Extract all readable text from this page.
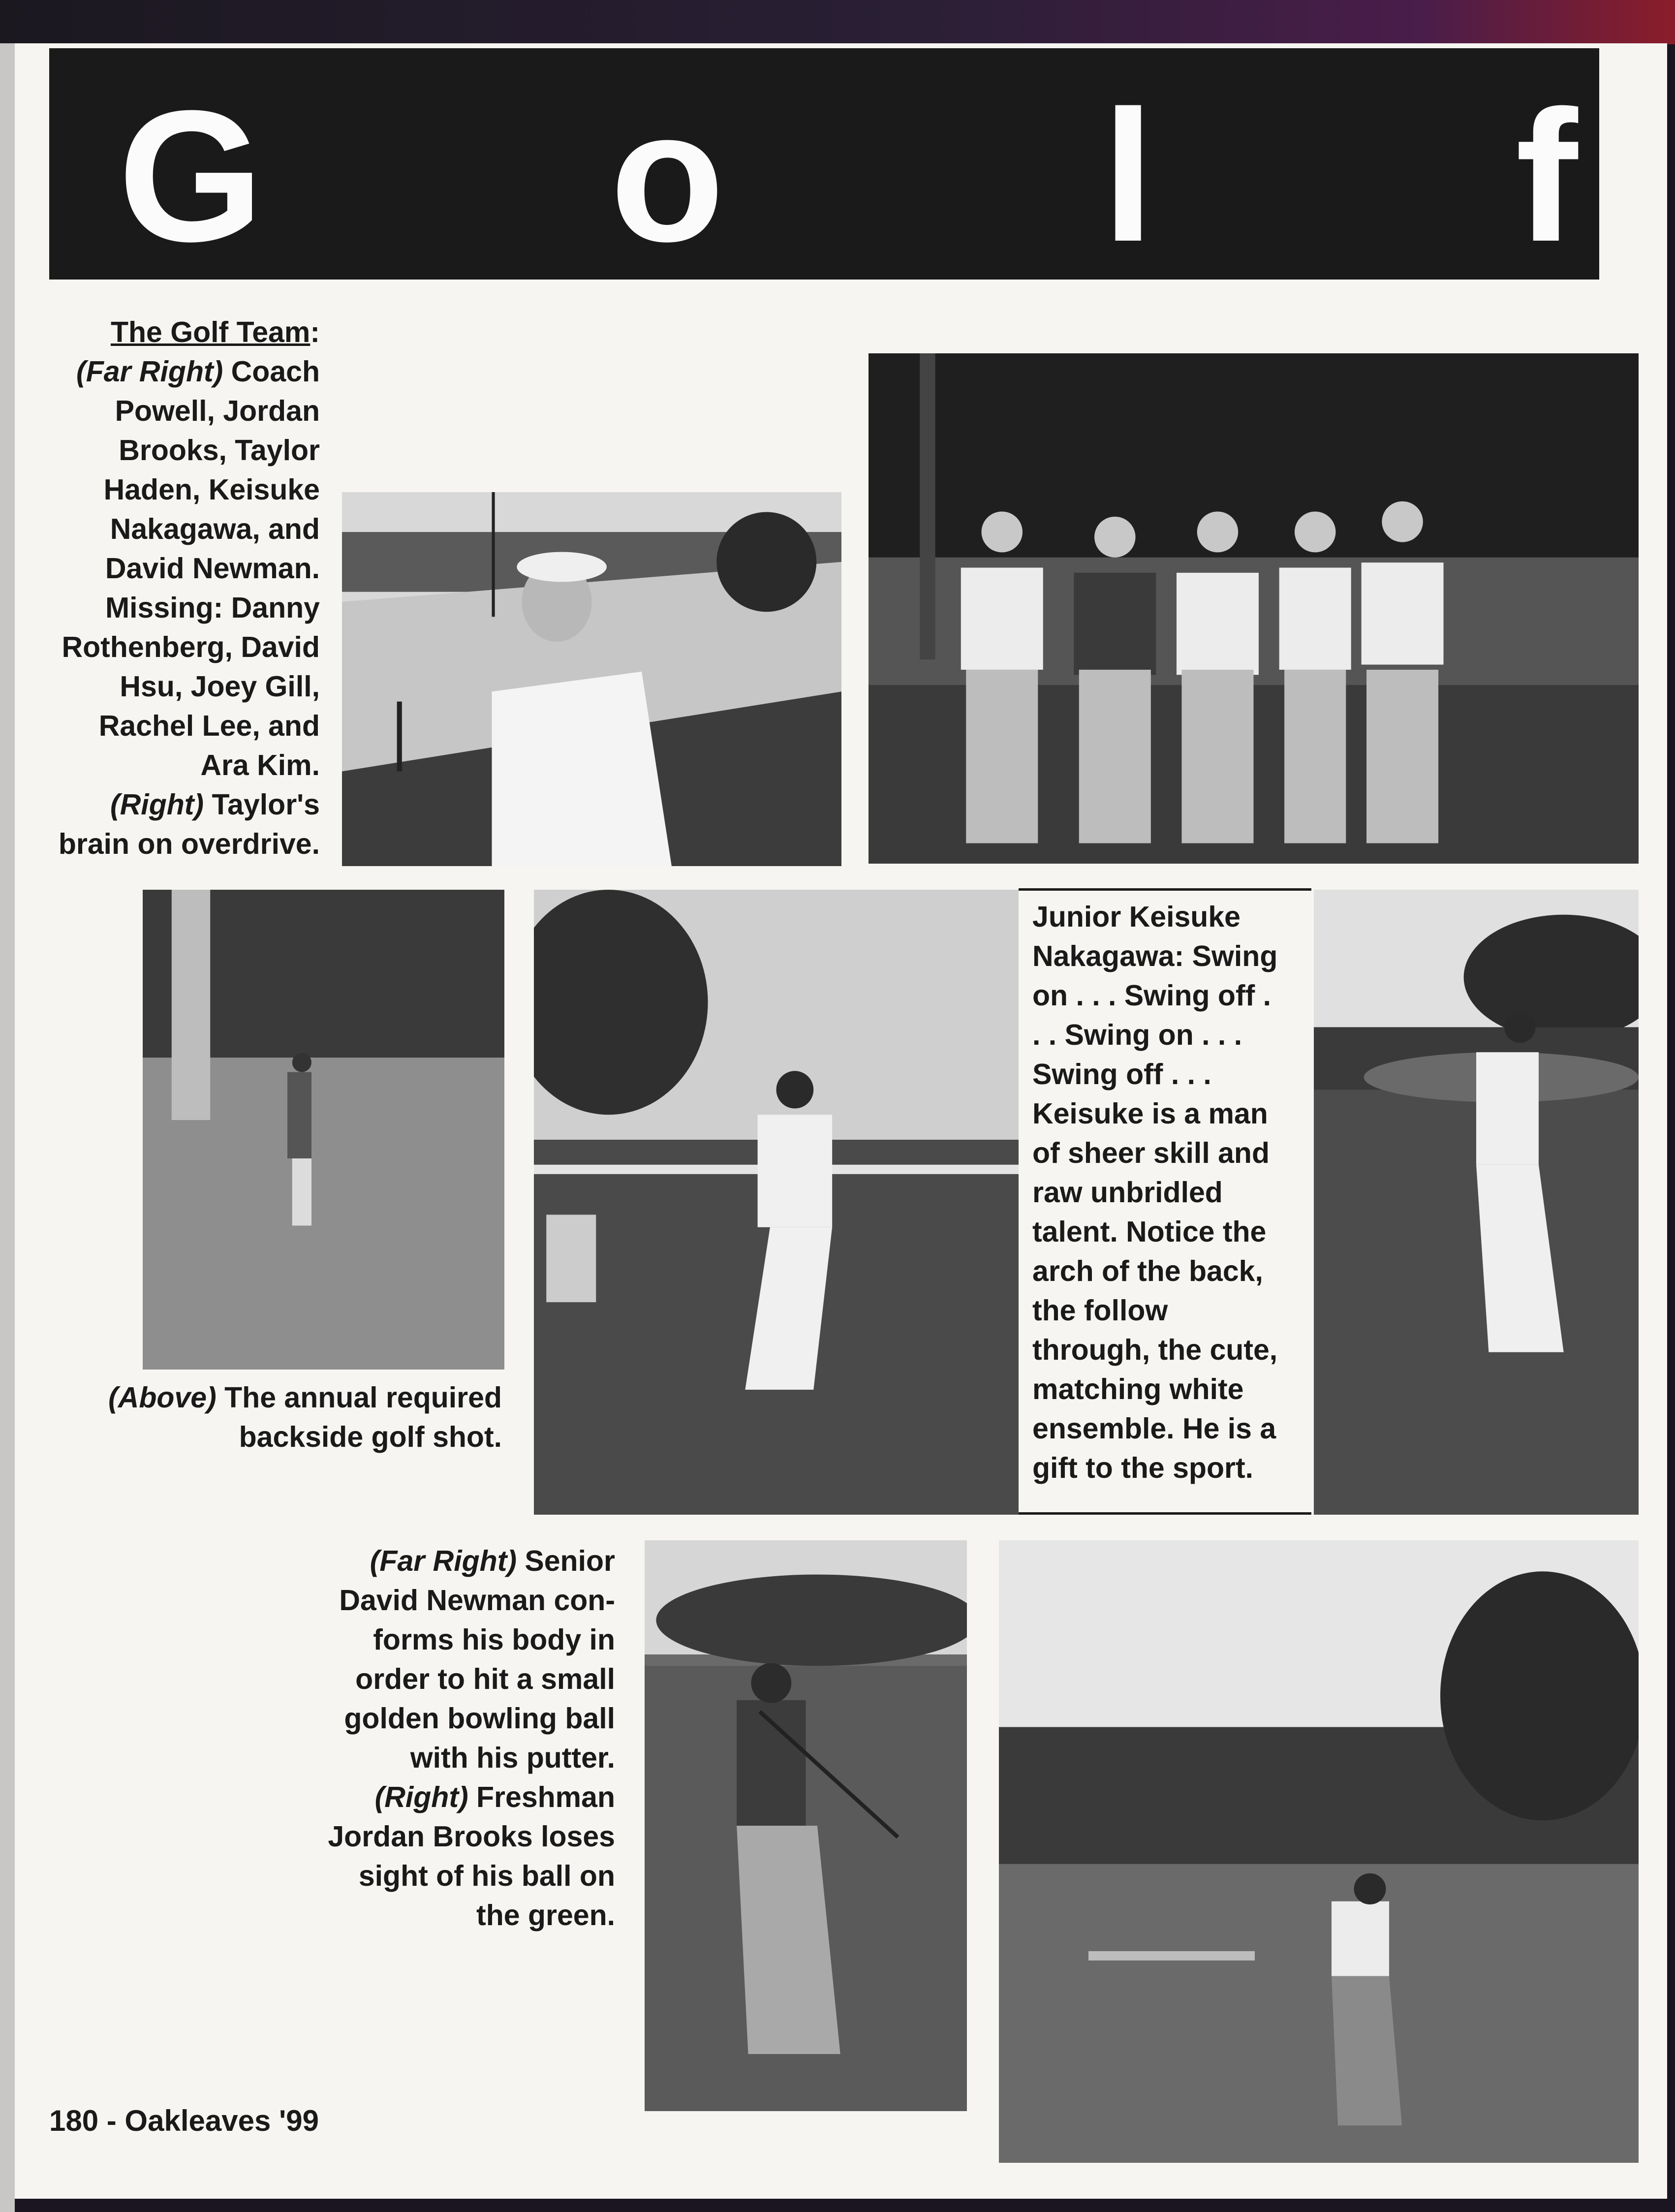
G o l f
The Golf Team:
(Far Right) Coach
Powell, Jordan
Brooks, Taylor
Haden, Keisuke
Nakagawa, and
David Newman.
Missing: Danny
Rothenberg, David
Hsu, Joey Gill,
Rachel Lee, and
Ara Kim.
(Right) Taylor's
brain on overdrive.
(Above) The annual required
backside golf shot.
Junior Keisuke
Nakagawa: Swing
on . . . Swing off .
. . Swing on . . .
Swing off . . .
Keisuke is a man
of sheer skill and
raw unbridled
talent. Notice the
arch of the back,
the follow
through, the cute,
matching white
ensemble. He is a
gift to the sport.
(Far Right) Senior
David Newman con-
forms his body in
order to hit a small
golden bowling ball
with his putter.
(Right) Freshman
Jordan Brooks loses
sight of his ball on
the green.
180 - Oakleaves '99
